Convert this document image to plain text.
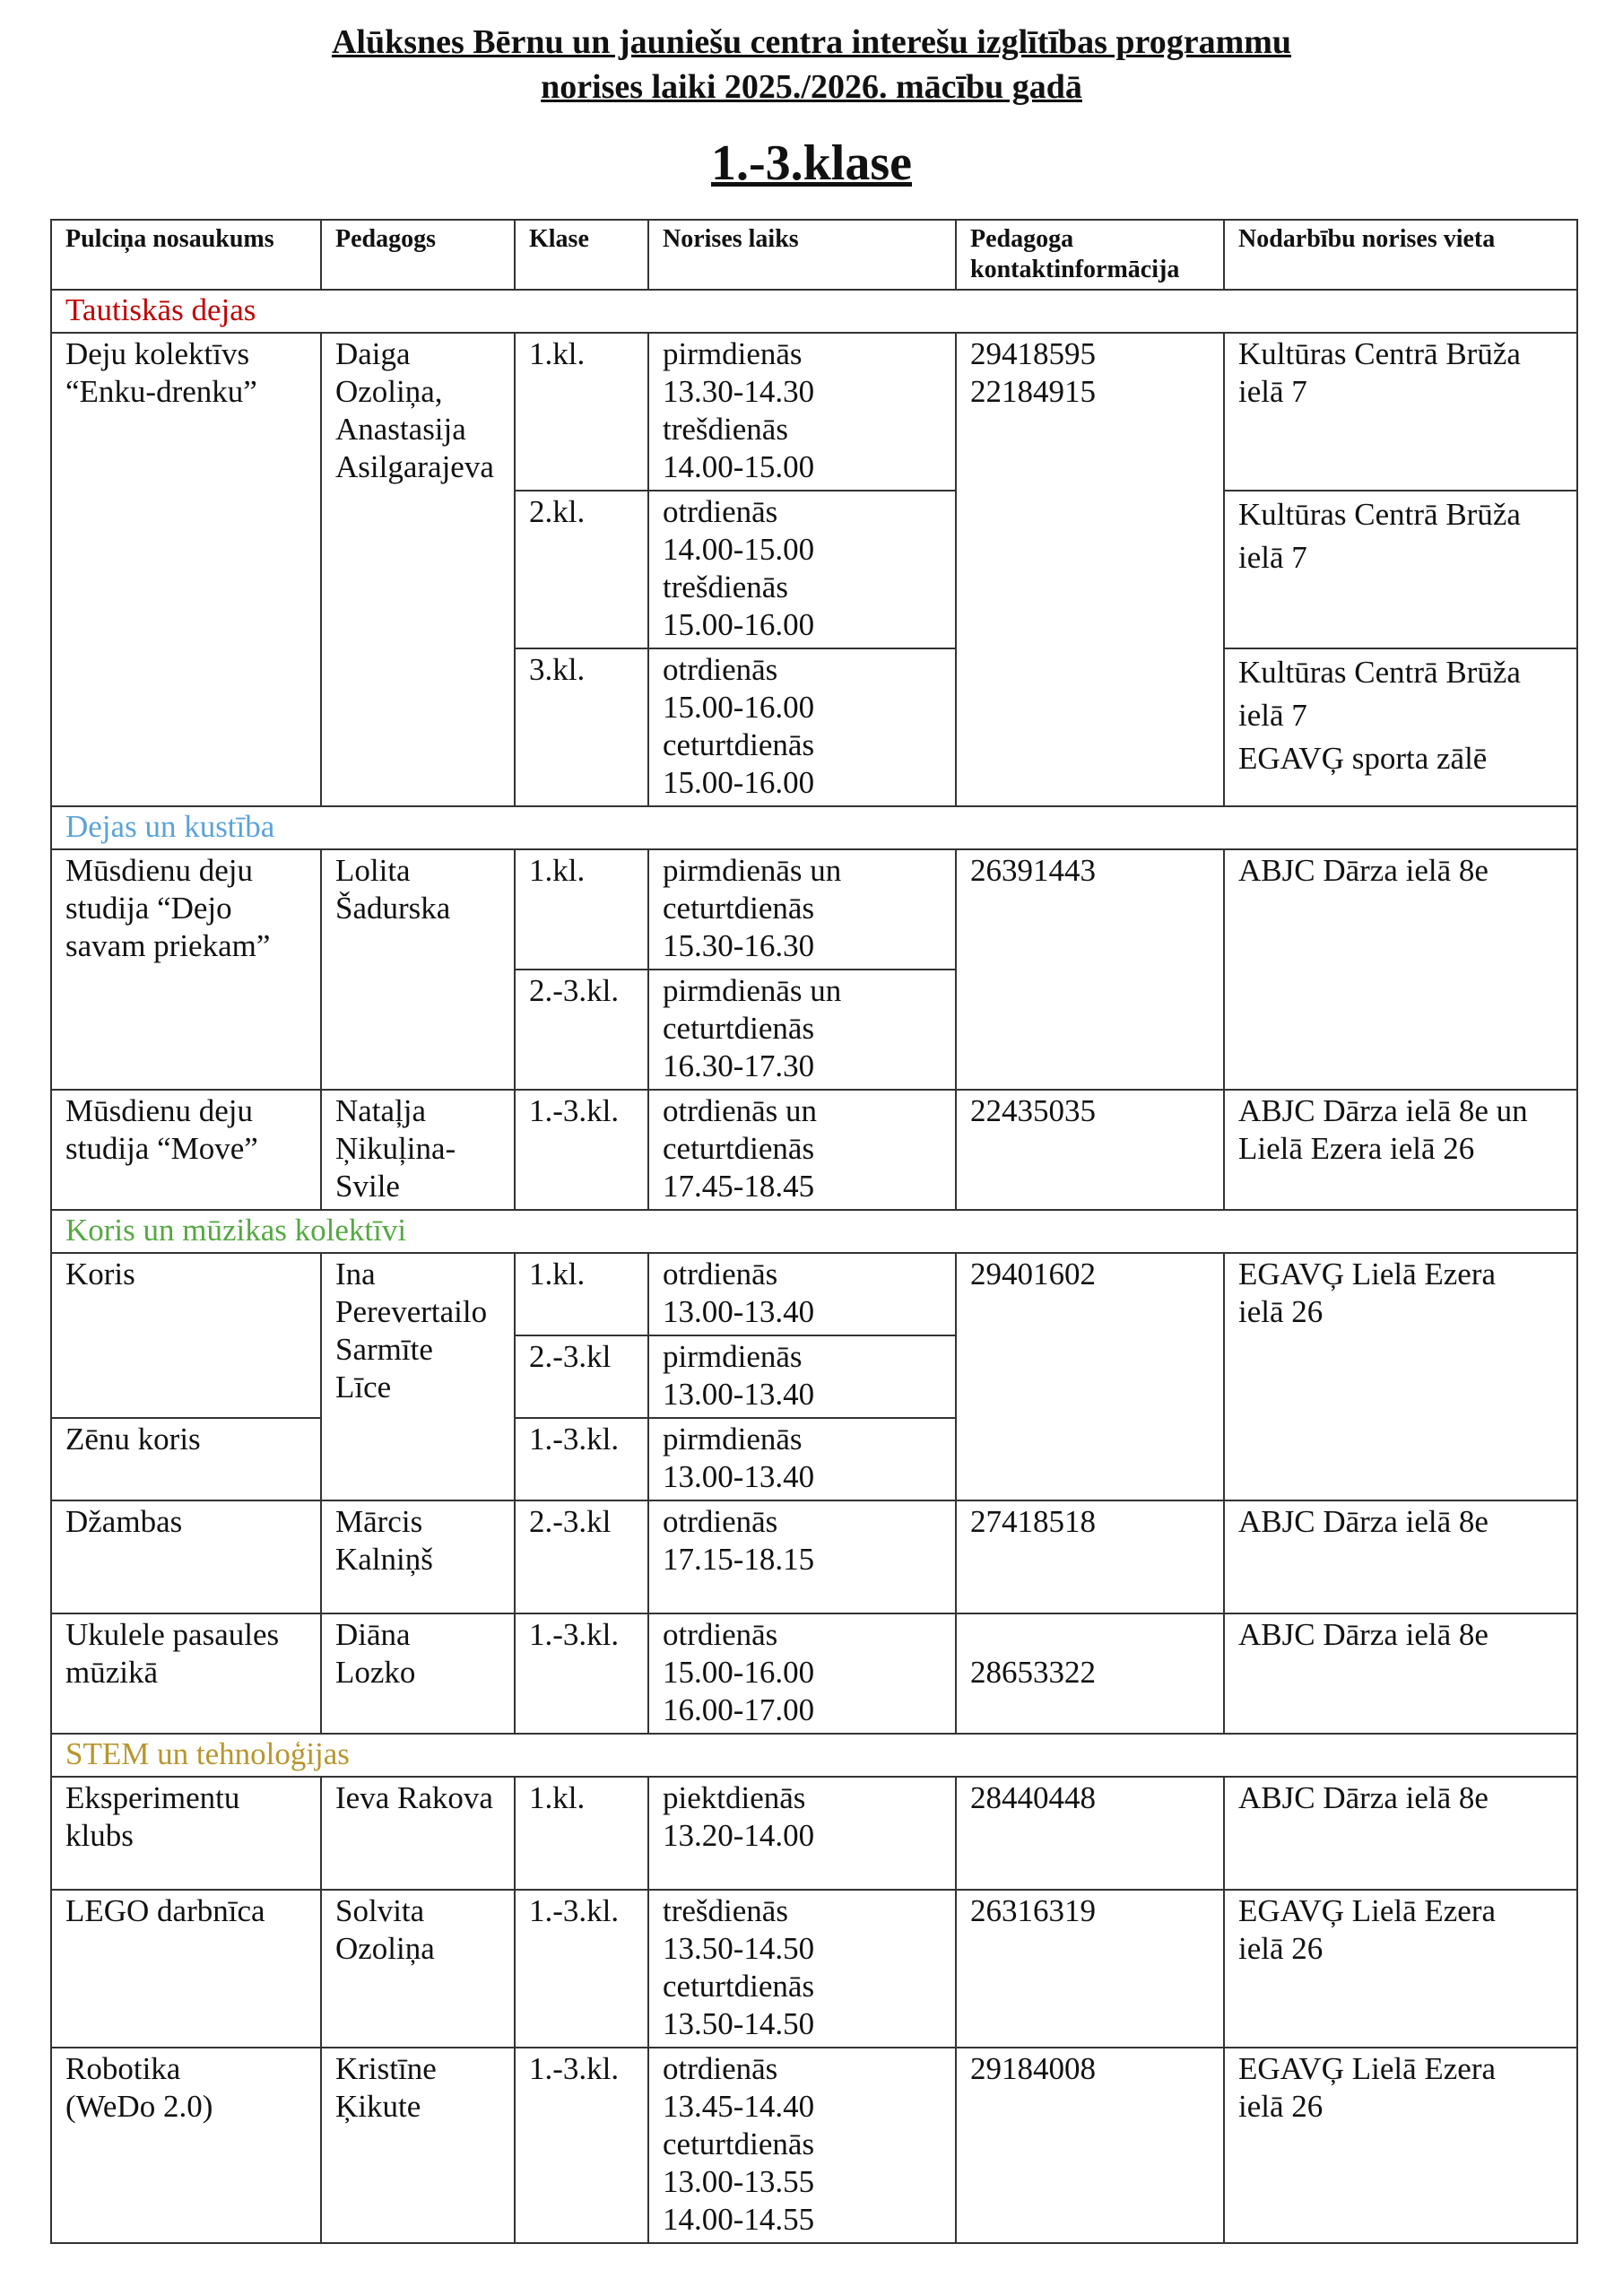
Alūksnes Bērnu un jauniešu centra interešu izglītības programmu
norises laiki 2025./2026. mācību gadā
1.-3.klase
Pulciņa nosaukums	Pedagogs	Klase	Norises laiks	Pedagoga kontaktinformācija	Nodarbību norises vieta
Tautiskās dejas					

Deju kolektīvs
“Enku-drenku”	Daiga
Ozoliņa,
Anastasija
Asilgarajeva	1.kl.	pirmdienās
13.30-14.30
trešdienās
14.00-15.00	29418595
22184915	Kultūras Centrā Brūža
ielā 7

		2.kl.	otrdienās
14.00-15.00
trešdienās
15.00-16.00		Kultūras Centrā Brūža
ielā 7

		3.kl.	otrdienās
15.00-16.00
ceturtdienās
15.00-16.00		Kultūras Centrā Brūža
ielā 7
EGAVĢ sporta zālē

Dejas un kustība					

Mūsdienu deju
studija “Dejo
savam priekam”	Lolita
Šadurska	1.kl.	pirmdienās un
ceturtdienās
15.30-16.30	26391443	ABJC Dārza ielā 8e
		2.-3.kl.	pirmdienās un
ceturtdienās
16.30-17.30		

Mūsdienu deju
studija “Move”	Nataļja
Ņikuļina-
Svile	1.-3.kl.	otrdienās un
ceturtdienās
17.45-18.45	22435035	ABJC Dārza ielā 8e un
Lielā Ezera ielā 26

Koris un mūzikas kolektīvi					
Koris	Ina
Perevertailo
Sarmīte
Līce	1.kl.	otrdienās
13.00-13.40	29401602	EGAVĢ Lielā Ezera
ielā 26

		2.-3.kl	pirmdienās
13.00-13.40		

Zēnu koris		1.-3.kl.	pirmdienās
13.00-13.40		

Džambas	Mārcis
Kalniņš	2.-3.kl	otrdienās
17.15-18.15	27418518	ABJC Dārza ielā 8e

Ukulele pasaules
mūzikā	Diāna
Lozko	1.-3.kl.	otrdienās
15.00-16.00
16.00-17.00	28653322	ABJC Dārza ielā 8e
STEM un tehnoloģijas					

Eksperimentu
klubs	Ieva Rakova	1.kl.	piektdienās
13.20-14.00	28440448	ABJC Dārza ielā 8e
LEGO darbnīca	Solvita
Ozoliņa	1.-3.kl.	trešdienās
13.50-14.50
ceturtdienās
13.50-14.50	26316319	EGAVĢ Lielā Ezera
ielā 26

Robotika
(WeDo 2.0)	Kristīne
Ķikute	1.-3.kl.	otrdienās
13.45-14.40
ceturtdienās
13.00-13.55
14.00-14.55	29184008	EGAVĢ Lielā Ezera
ielā 26
